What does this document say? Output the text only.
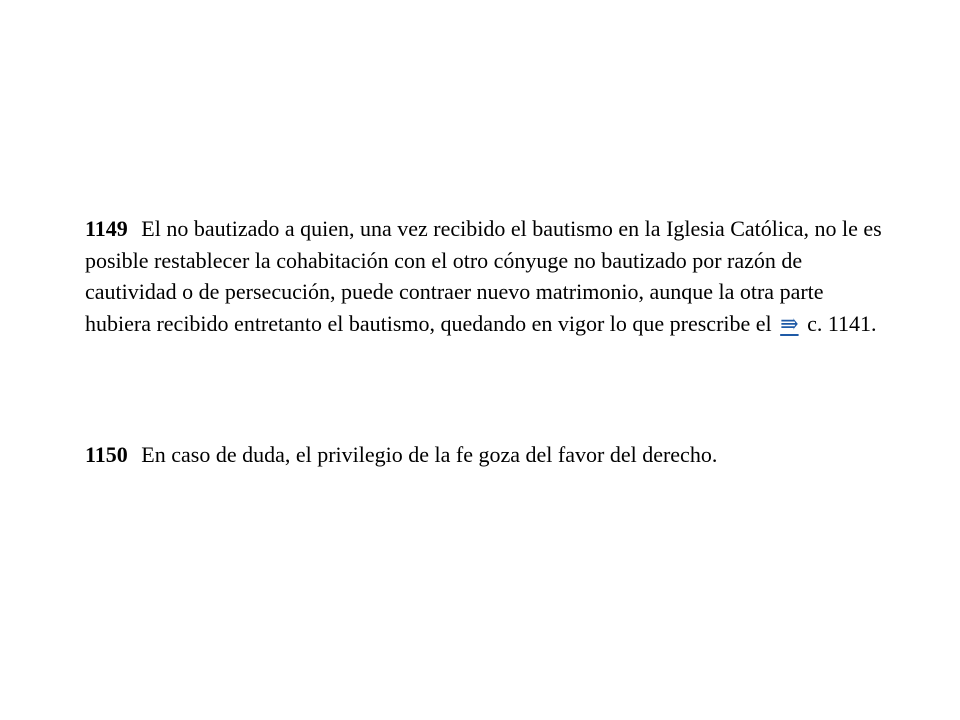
1149 El no bautizado a quien, una vez recibido el bautismo en la Iglesia Católica, no le es posible restablecer la cohabitación con el otro cónyuge no bautizado por razón de cautividad o de persecución, puede contraer nuevo matrimonio, aunque la otra parte hubiera recibido entretanto el bautismo, quedando en vigor lo que prescribe el ⇛ c. 1141.

1150 En caso de duda, el privilegio de la fe goza del favor del derecho.
